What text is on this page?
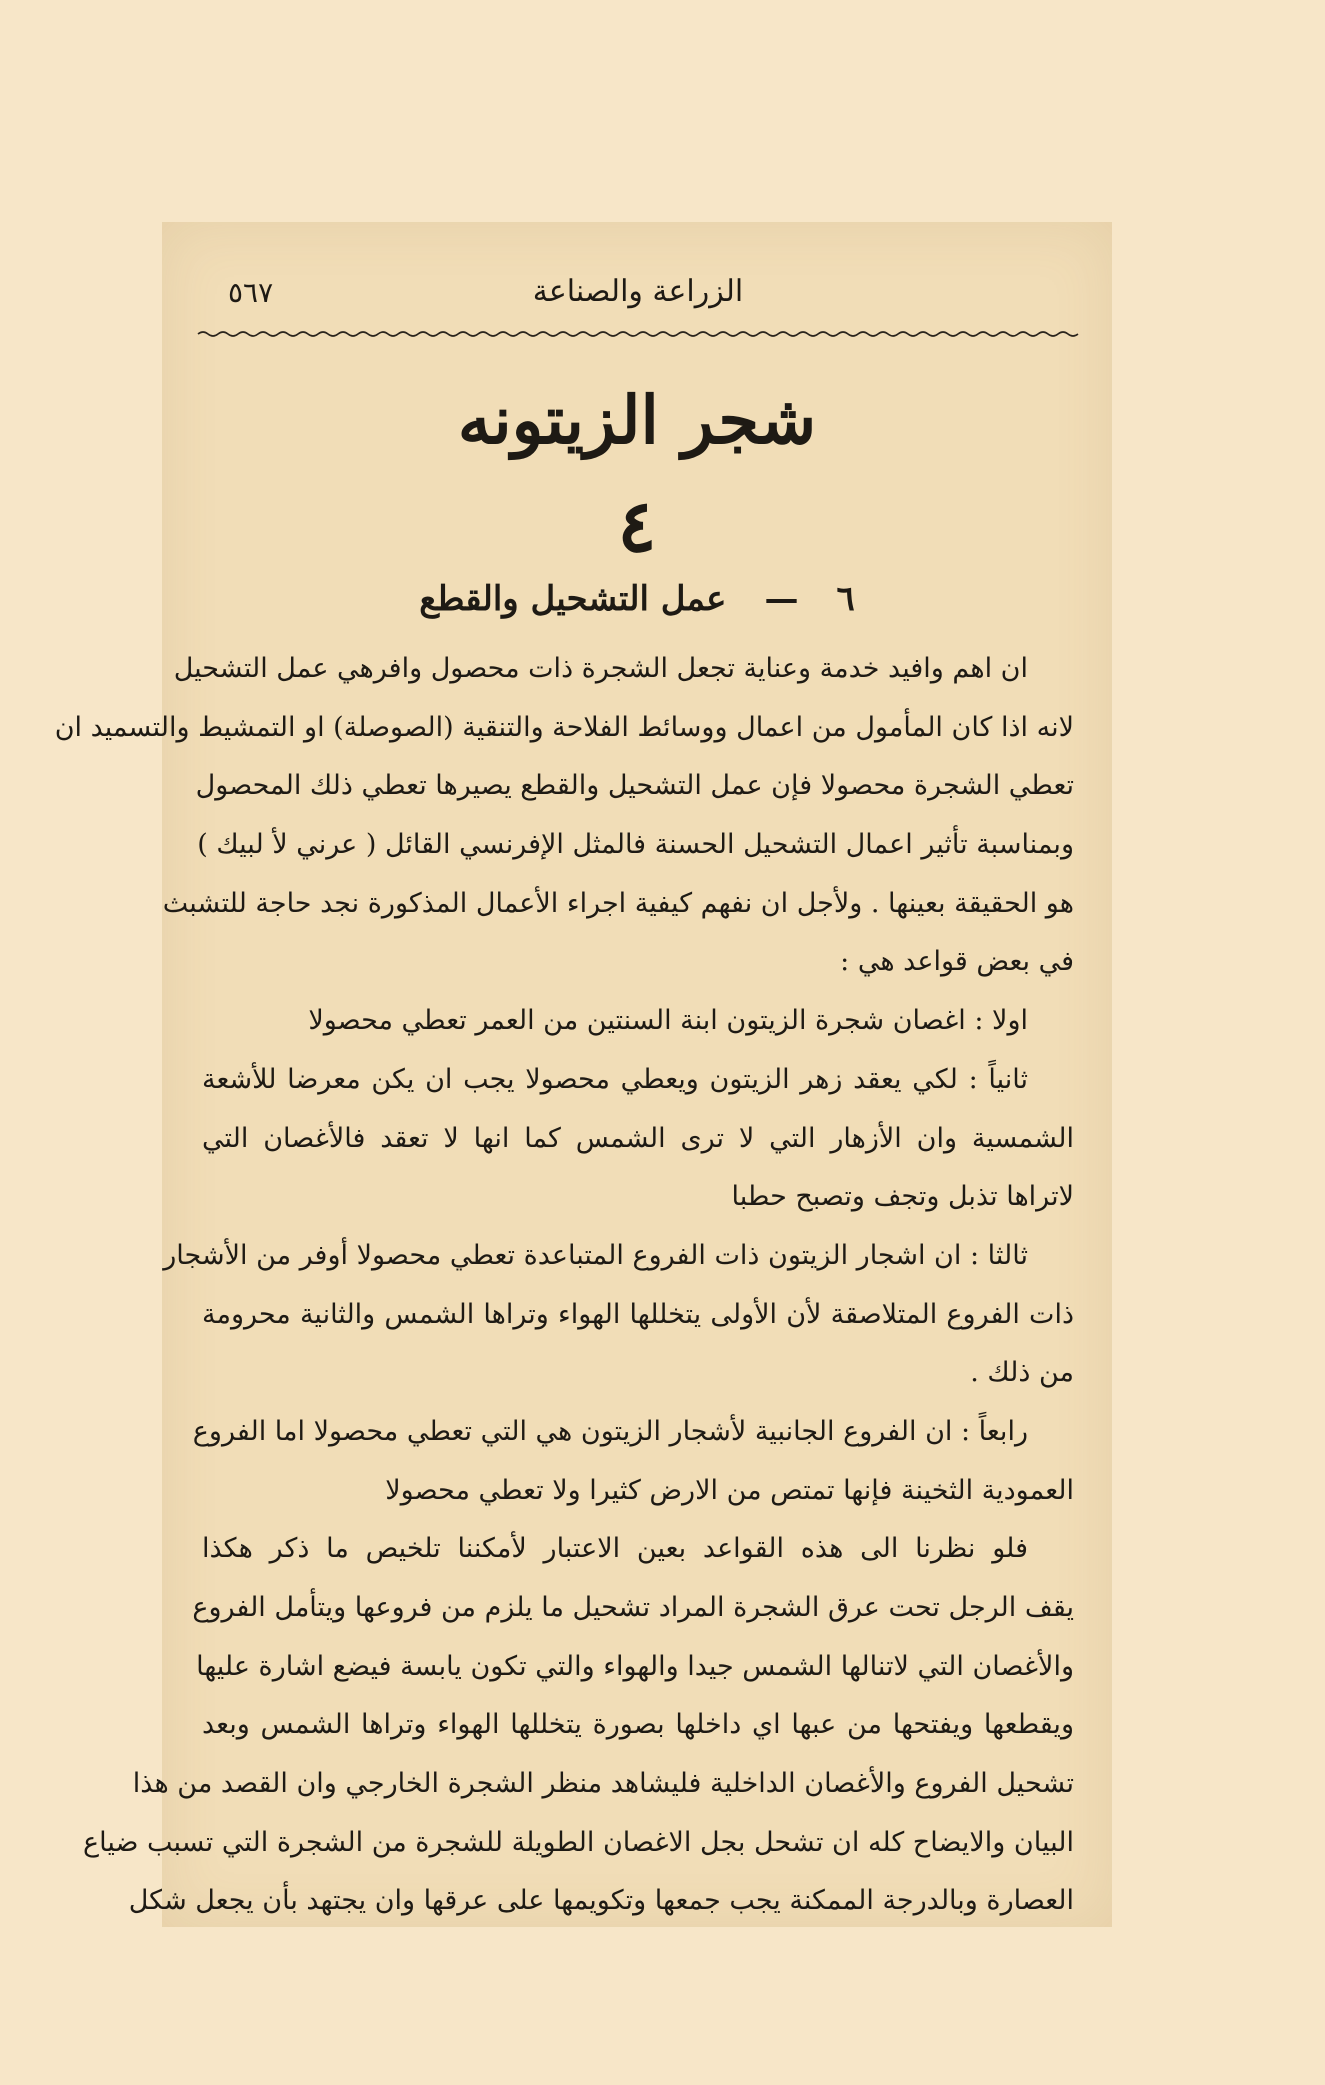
٥٦٧	الزراعة والصناعة
شجر الزيتونه
٤
٦—عمل التشحيل والقطع
ان اهم وافيد خدمة وعناية تجعل الشجرة ذات محصول وافرهي عمل التشحيل
لانه اذا كان المأمول من اعمال ووسائط الفلاحة والتنقية (الصوصلة) او التمشيط والتسميد ان
تعطي الشجرة محصولا فإن عمل التشحيل والقطع يصيرها تعطي ذلك المحصول
وبمناسبة تأثير اعمال التشحيل الحسنة فالمثل الإفرنسي القائل ( عرني لأ لبيك )
هو الحقيقة بعينها . ولأجل ان نفهم كيفية اجراء الأعمال المذكورة نجد حاجة للتشبث
في بعض قواعد هي :
اولا : اغصان شجرة الزيتون ابنة السنتين من العمر تعطي محصولا
ثانياً : لكي يعقد زهر الزيتون ويعطي محصولا يجب ان يكن معرضا للأشعة
الشمسية وان الأزهار التي لا ترى الشمس كما انها لا تعقد فالأغصان التي
لاتراها تذبل وتجف وتصبح حطبا
ثالثا : ان اشجار الزيتون ذات الفروع المتباعدة تعطي محصولا أوفر من الأشجار
ذات الفروع المتلاصقة لأن الأولى يتخللها الهواء وتراها الشمس والثانية محرومة
من ذلك .
رابعاً : ان الفروع الجانبية لأشجار الزيتون هي التي تعطي محصولا اما الفروع
العمودية الثخينة فإنها تمتص من الارض كثيرا ولا تعطي محصولا
فلو نظرنا الى هذه القواعد بعين الاعتبار لأمكننا تلخيص ما ذكر هكذا
يقف الرجل تحت عرق الشجرة المراد تشحيل ما يلزم من فروعها ويتأمل الفروع
والأغصان التي لاتنالها الشمس جيدا والهواء والتي تكون يابسة فيضع اشارة عليها
ويقطعها ويفتحها من عبها اي داخلها بصورة يتخللها الهواء وتراها الشمس وبعد
تشحيل الفروع والأغصان الداخلية فليشاهد منظر الشجرة الخارجي وان القصد من هذا
البيان والايضاح كله ان تشحل بجل الاغصان الطويلة للشجرة من الشجرة التي تسبب ضياع
العصارة وبالدرجة الممكنة يجب جمعها وتكويمها على عرقها وان يجتهد بأن يجعل شكل
